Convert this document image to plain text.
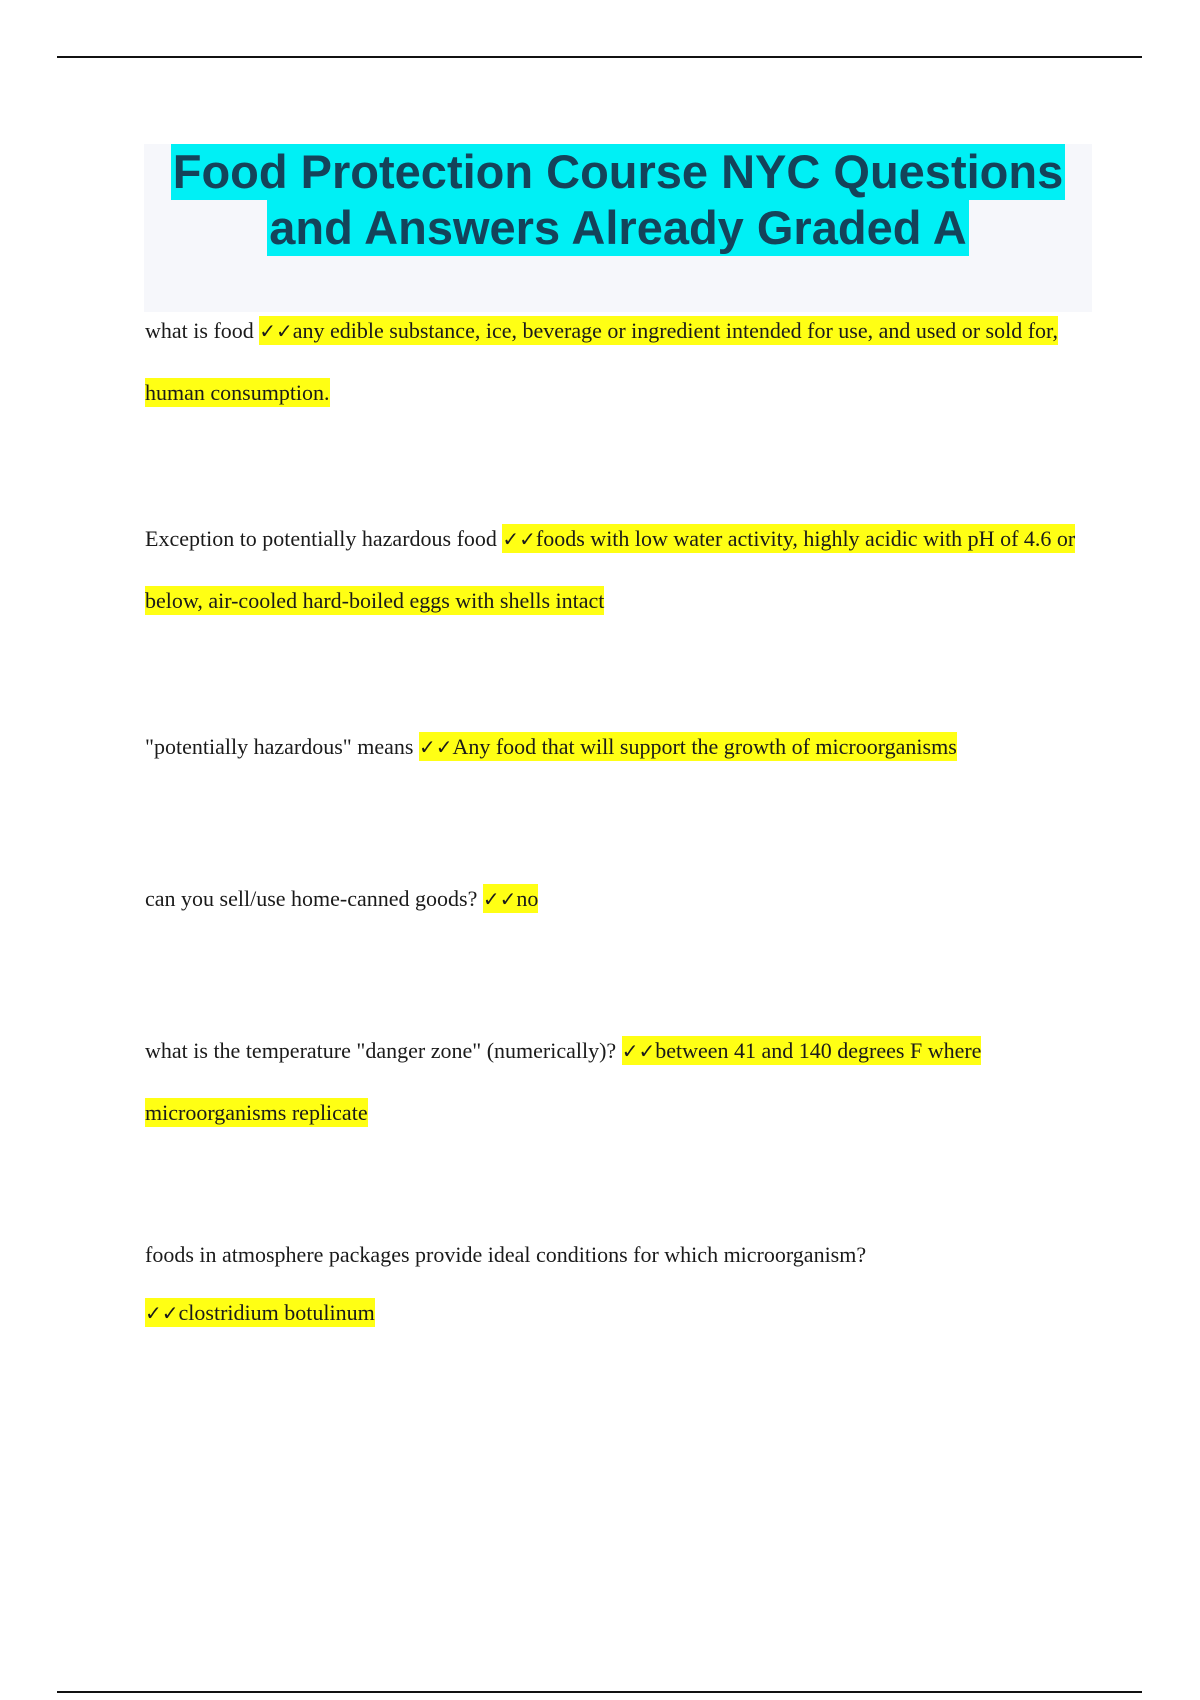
Food Protection Course NYC Questions
and Answers Already Graded A

what is food ✓✓any edible substance, ice, beverage or ingredient intended for use, and used or sold for, human consumption.

Exception to potentially hazardous food ✓✓foods with low water activity, highly acidic with pH of 4.6 or below, air-cooled hard-boiled eggs with shells intact

"potentially hazardous" means ✓✓Any food that will support the growth of microorganisms

can you sell/use home-canned goods? ✓✓no

what is the temperature "danger zone" (numerically)? ✓✓between 41 and 140 degrees F where microorganisms replicate

foods in atmosphere packages provide ideal conditions for which microorganism?
✓✓clostridium botulinum
